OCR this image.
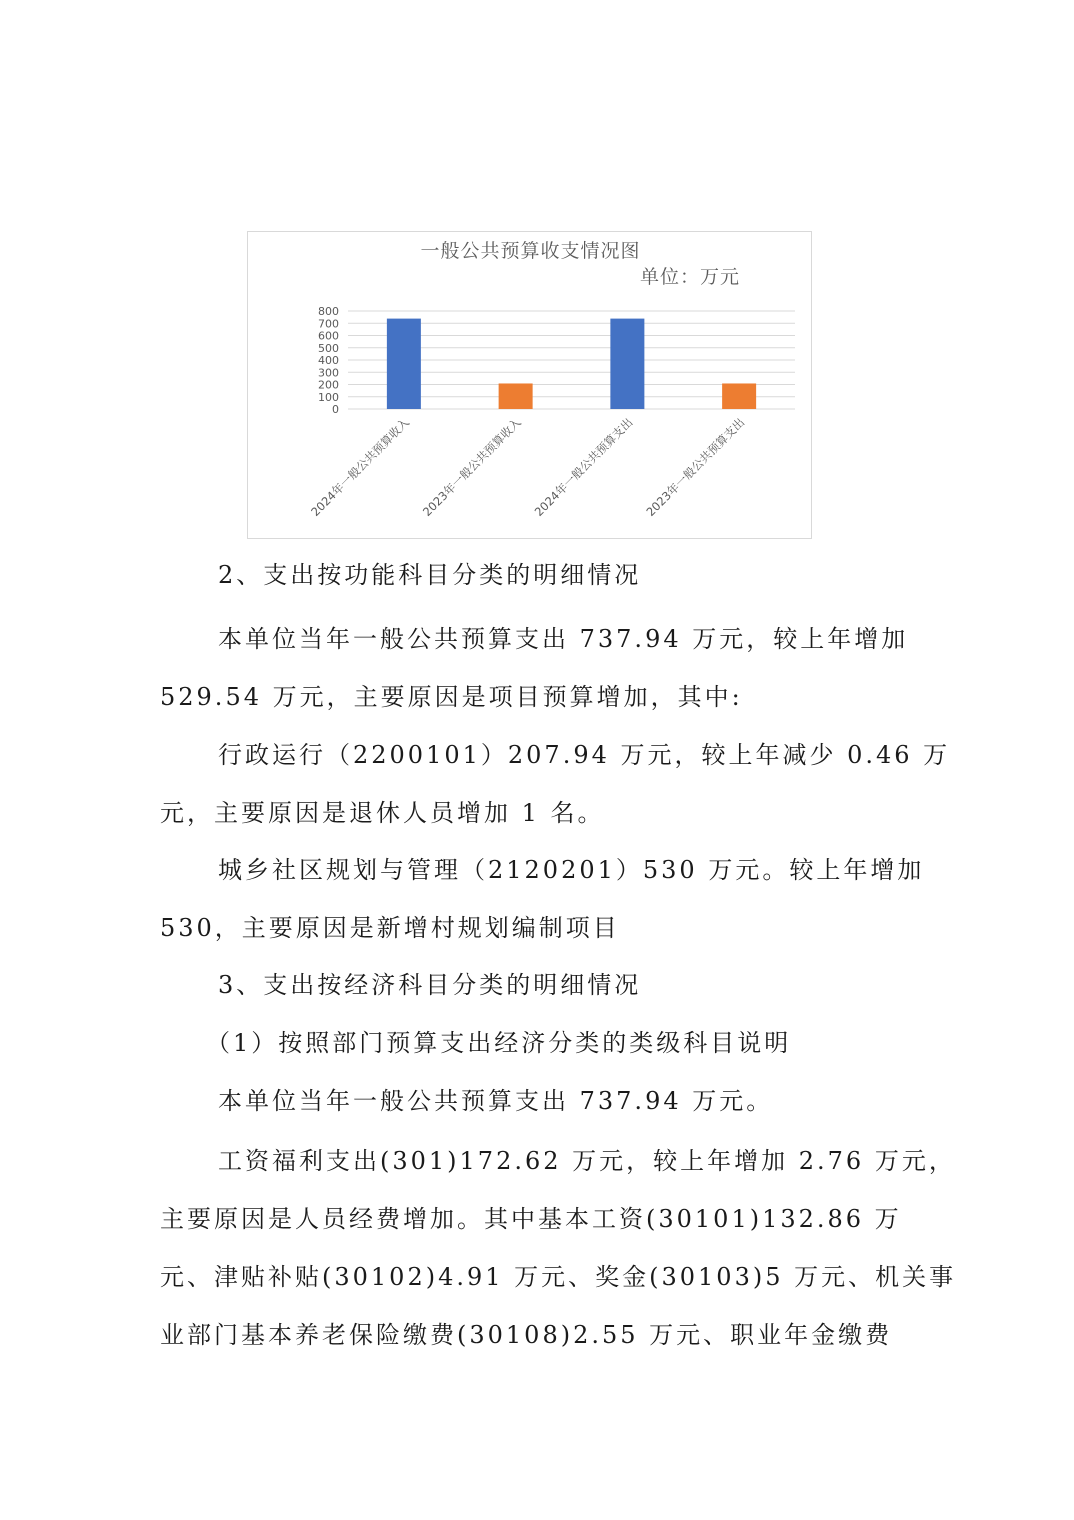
一般公共预算收支情况图
单位：万元
0
100
200
300
400
500
600
700
800
2024年一般公共预算收入 2023年一般公共预算收入 2024年一般公共预算支出 2023年一般公共预算支出
2、支出按功能科目分类的明细情况
本单位当年一般公共预算支出 737.94 万元，较上年增加
529.54 万元，主要原因是项目预算增加，其中:
行政运行（2200101）207.94 万元，较上年减少 0.46 万
元，主要原因是退休人员增加 1 名。
城乡社区规划与管理（2120201）530 万元。较上年增加
530，主要原因是新增村规划编制项目
3、支出按经济科目分类的明细情况
（1）按照部门预算支出经济分类的类级科目说明
本单位当年一般公共预算支出 737.94 万元。
工资福利支出(301)172.62 万元，较上年增加 2.76 万元，
主要原因是人员经费增加。其中基本工资(30101)132.86 万
元、津贴补贴(30102)4.91 万元、奖金(30103)5 万元、机关事
业部门基本养老保险缴费(30108)2.55 万元、职业年金缴费
